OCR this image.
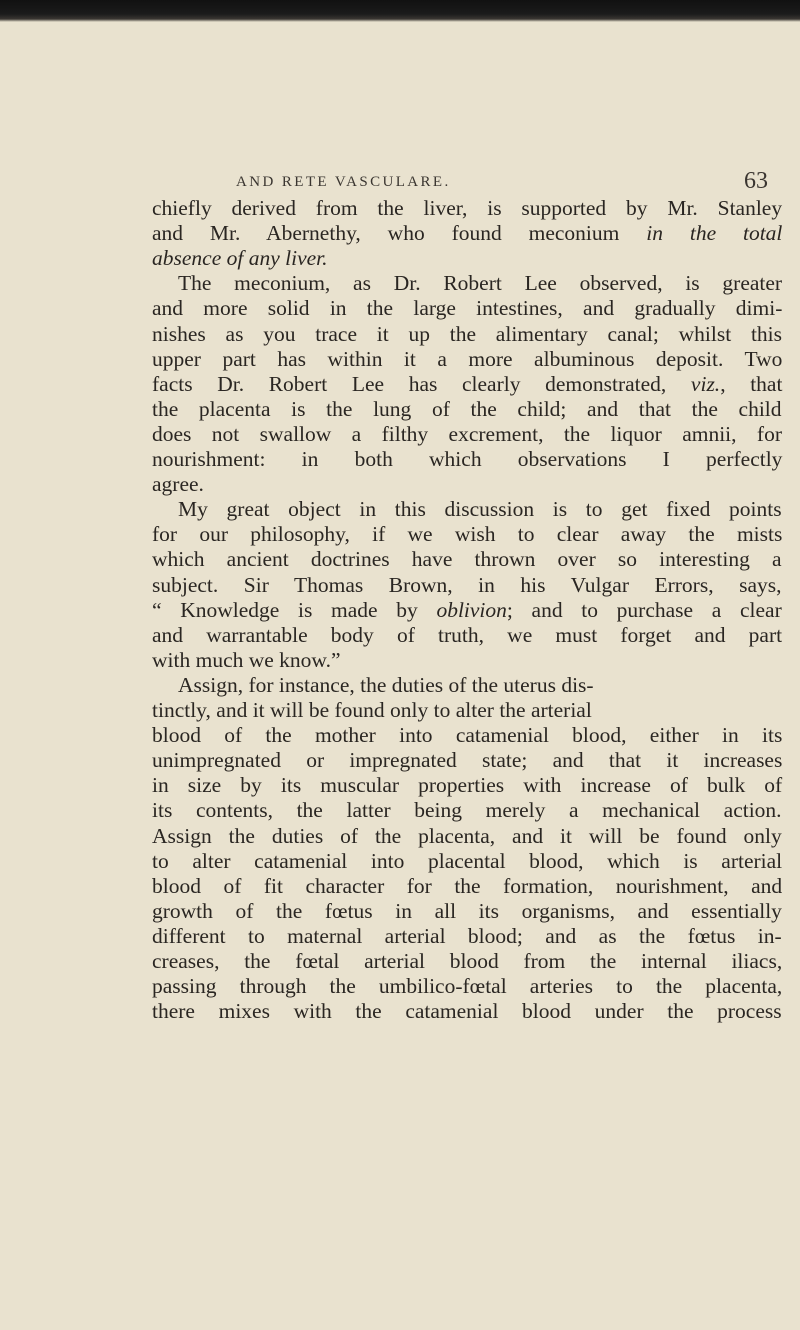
AND RETE VASCULARE.	63
chiefly derived from the liver, is supported by Mr. Stanley
and Mr. Abernethy, who found meconium in the total
absence of any liver.
The meconium, as Dr. Robert Lee observed, is greater
and more solid in the large intestines, and gradually dimi-
nishes as you trace it up the alimentary canal; whilst this
upper part has within it a more albuminous deposit. Two
facts Dr. Robert Lee has clearly demonstrated, viz., that
the placenta is the lung of the child; and that the child
does not swallow a filthy excrement, the liquor amnii, for
nourishment: in both which observations I perfectly
agree.
My great object in this discussion is to get fixed points
for our philosophy, if we wish to clear away the mists
which ancient doctrines have thrown over so interesting a
subject. Sir Thomas Brown, in his Vulgar Errors, says,
“ Knowledge is made by oblivion; and to purchase a clear
and warrantable body of truth, we must forget and part
with much we know.”
Assign, for instance, the duties of the uterus dis-
tinctly, and it will be found only to alter the arterial
blood of the mother into catamenial blood, either in its
unimpregnated or impregnated state; and that it increases
in size by its muscular properties with increase of bulk of
its contents, the latter being merely a mechanical action.
Assign the duties of the placenta, and it will be found only
to alter catamenial into placental blood, which is arterial
blood of fit character for the formation, nourishment, and
growth of the fœtus in all its organisms, and essentially
different to maternal arterial blood; and as the fœtus in-
creases, the fœtal arterial blood from the internal iliacs,
passing through the umbilico-fœtal arteries to the placenta,
there mixes with the catamenial blood under the process
